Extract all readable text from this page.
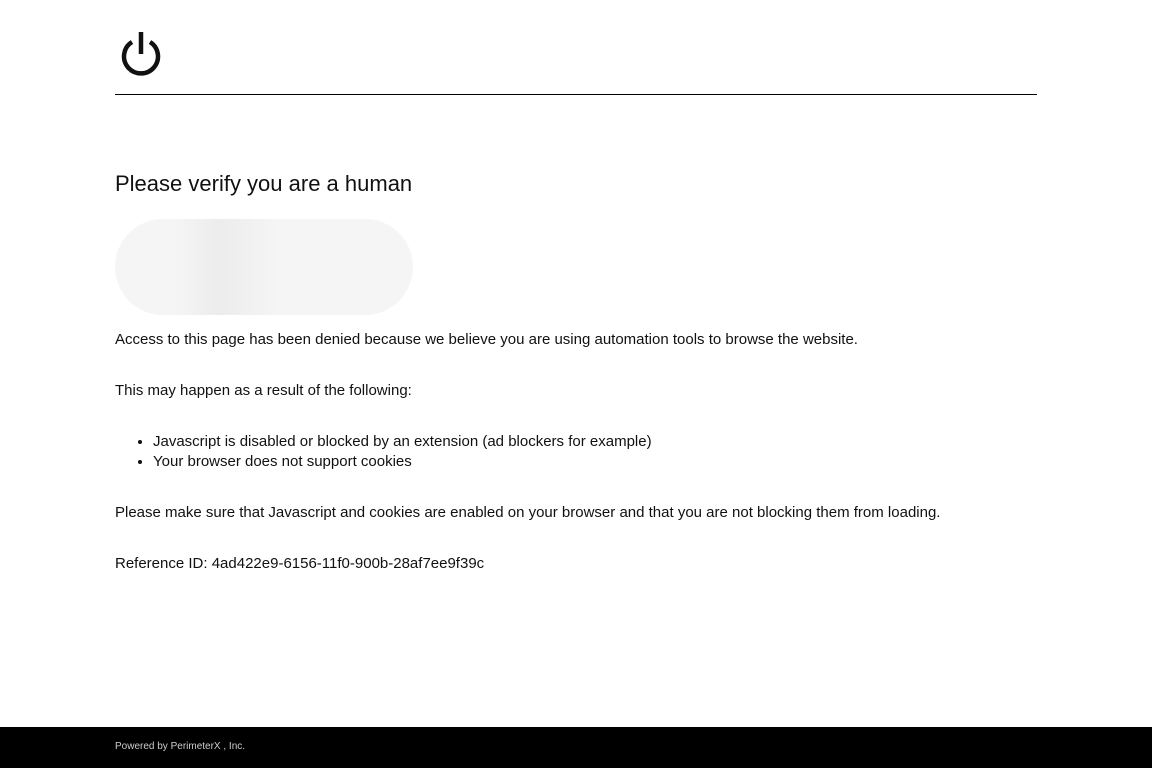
Please verify you are a human

Access to this page has been denied because we believe you are using automation tools to browse the website.

This may happen as a result of the following:

• Javascript is disabled or blocked by an extension (ad blockers for example)
• Your browser does not support cookies

Please make sure that Javascript and cookies are enabled on your browser and that you are not blocking them from loading.

Reference ID: 4ad422e9-6156-11f0-900b-28af7ee9f39c

Powered by PerimeterX , Inc.
